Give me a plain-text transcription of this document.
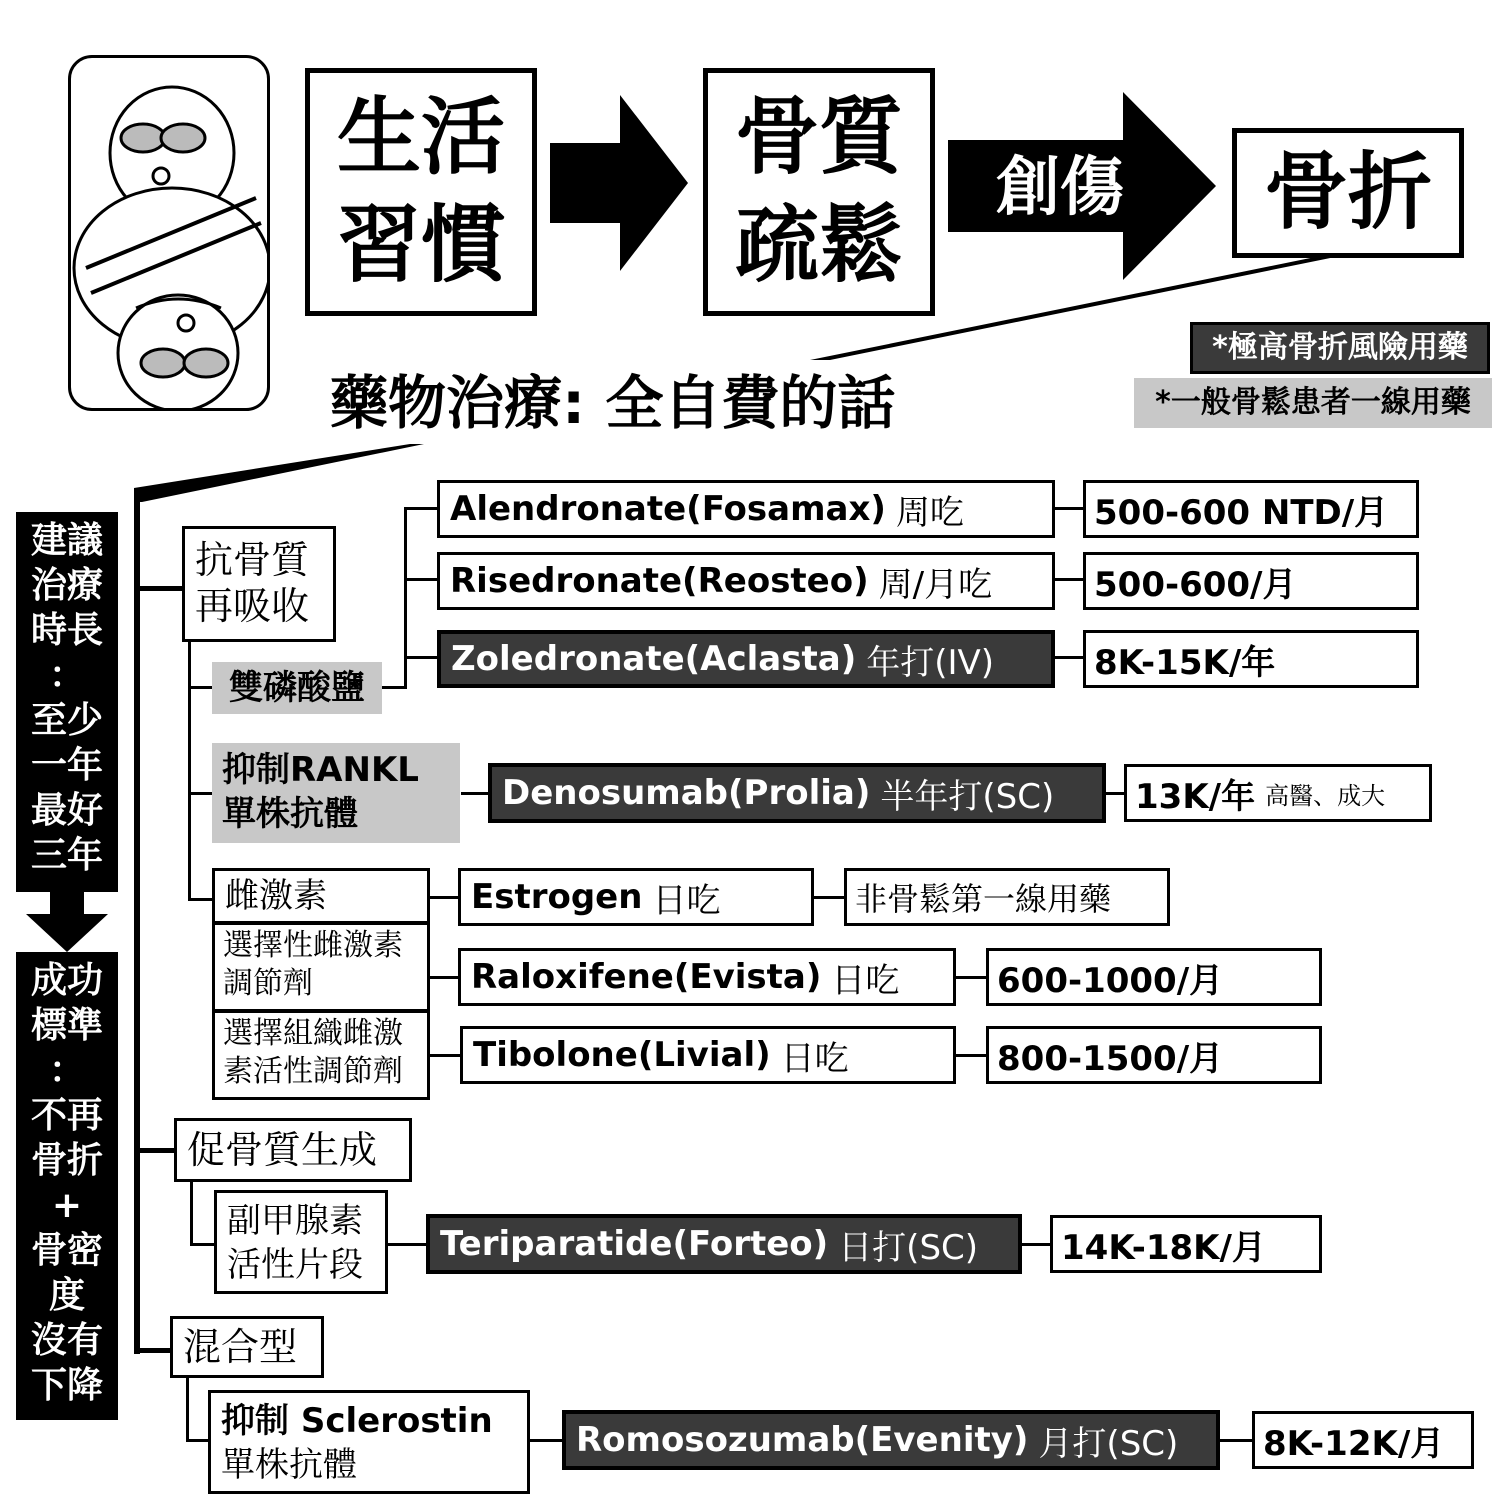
生活
習慣
骨質
疏鬆
創傷	骨折
*極高骨折風險用藥
*一般骨鬆患者一線用藥
藥物治療: 全自費的話
建議
治療
時長
：
至少
一年
最好
三年
成功
標準
：
不再
骨折
+
骨密
度
沒有
下降
抗骨質
再吸收
雙磷酸鹽
抑制RANKL
單株抗體
雌激素
選擇性雌激素
調節劑
選擇組織雌激
素活性調節劑
促骨質生成
副甲腺素
活性片段
混合型
抑制 Sclerostin
單株抗體
Alendronate(Fosamax) 周吃	500-600 NTD/月
Risedronate(Reosteo) 周/月吃	500-600/月
Zoledronate(Aclasta) 年打(IV)	8K-15K/年
Denosumab(Prolia) 半年打(SC) 13K/年 高醫、成大
Estrogen 日吃	非骨鬆第一線用藥
Raloxifene(Evista) 日吃	600-1000/月
Tibolone(Livial) 日吃	800-1500/月
Teriparatide(Forteo) 日打(SC) 14K-18K/月
Romosozumab(Evenity) 月打(SC) 8K-12K/月
